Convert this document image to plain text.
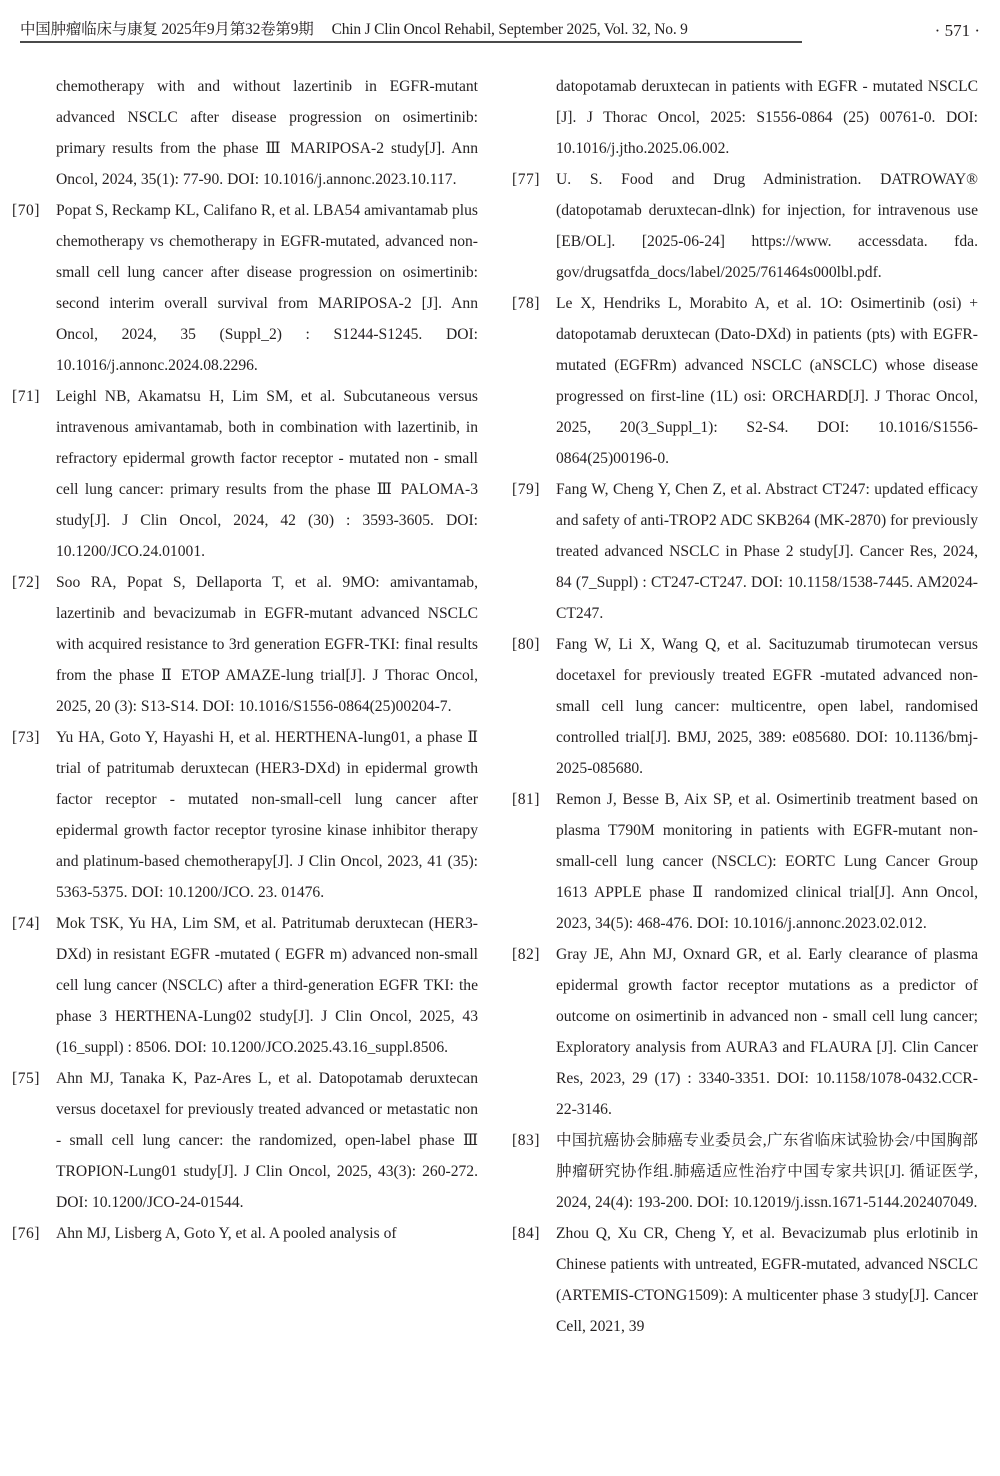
中国肿瘤临床与康复 2025年9月第32卷第9期 Chin J Clin Oncol Rehabil, September 2025, Vol. 32, No. 9	· 571 ·
chemotherapy with and without lazertinib in EGFR-mutant advanced NSCLC after disease progression on osimertinib: primary results from the phase Ⅲ MARIPOSA-2 study[J]. Ann Oncol, 2024, 35(1): 77-90. DOI: 10.1016/j.annonc.2023.10.117.
[70] Popat S, Reckamp KL, Califano R, et al. LBA54 amivantamab plus chemotherapy vs chemotherapy in EGFR-mutated, advanced non-small cell lung cancer after disease progression on osimertinib: second interim overall survival from MARIPOSA-2 [J]. Ann Oncol, 2024, 35 (Suppl_2) : S1244-S1245. DOI: 10.1016/j.annonc.2024.08.2296.
[71] Leighl NB, Akamatsu H, Lim SM, et al. Subcutaneous versus intravenous amivantamab, both in combination with lazertinib, in refractory epidermal growth factor receptor - mutated non - small cell lung cancer: primary results from the phase Ⅲ PALOMA-3 study[J]. J Clin Oncol, 2024, 42 (30) : 3593-3605. DOI: 10.1200/JCO.24.01001.
[72] Soo RA, Popat S, Dellaporta T, et al. 9MO: amivantamab, lazertinib and bevacizumab in EGFR-mutant advanced NSCLC with acquired resistance to 3rd generation EGFR-TKI: final results from the phase Ⅱ ETOP AMAZE-lung trial[J]. J Thorac Oncol, 2025, 20 (3): S13-S14. DOI: 10.1016/S1556-0864(25)00204-7.
[73] Yu HA, Goto Y, Hayashi H, et al. HERTHENA-lung01, a phase Ⅱ trial of patritumab deruxtecan (HER3-DXd) in epidermal growth factor receptor - mutated non-small-cell lung cancer after epidermal growth factor receptor tyrosine kinase inhibitor therapy and platinum-based chemotherapy[J]. J Clin Oncol, 2023, 41 (35): 5363-5375. DOI: 10.1200/JCO. 23. 01476.
[74] Mok TSK, Yu HA, Lim SM, et al. Patritumab deruxtecan (HER3-DXd) in resistant EGFR -mutated ( EGFR m) advanced non-small cell lung cancer (NSCLC) after a third-generation EGFR TKI: the phase 3 HERTHENA-Lung02 study[J]. J Clin Oncol, 2025, 43 (16_suppl) : 8506. DOI: 10.1200/JCO.2025.43.16_suppl.8506.
[75] Ahn MJ, Tanaka K, Paz-Ares L, et al. Datopotamab deruxtecan versus docetaxel for previously treated advanced or metastatic non - small cell lung cancer: the randomized, open-label phase Ⅲ TROPION-Lung01 study[J]. J Clin Oncol, 2025, 43(3): 260-272. DOI: 10.1200/JCO-24-01544.
[76] Ahn MJ, Lisberg A, Goto Y, et al. A pooled analysis of
datopotamab deruxtecan in patients with EGFR - mutated NSCLC [J]. J Thorac Oncol, 2025: S1556-0864 (25) 00761-0. DOI: 10.1016/j.jtho.2025.06.002.
[77] U. S. Food and Drug Administration. DATROWAY® (datopotamab deruxtecan-dlnk) for injection, for intravenous use [EB/OL]. [2025-06-24] https://www. accessdata. fda. gov/drugsatfda_docs/label/2025/761464s000lbl.pdf.
[78] Le X, Hendriks L, Morabito A, et al. 1O: Osimertinib (osi) + datopotamab deruxtecan (Dato-DXd) in patients (pts) with EGFR-mutated (EGFRm) advanced NSCLC (aNSCLC) whose disease progressed on first-line (1L) osi: ORCHARD[J]. J Thorac Oncol, 2025, 20(3_Suppl_1): S2-S4. DOI: 10.1016/S1556-0864(25)00196-0.
[79] Fang W, Cheng Y, Chen Z, et al. Abstract CT247: updated efficacy and safety of anti-TROP2 ADC SKB264 (MK-2870) for previously treated advanced NSCLC in Phase 2 study[J]. Cancer Res, 2024, 84 (7_Suppl) : CT247-CT247. DOI: 10.1158/1538-7445. AM2024-CT247.
[80] Fang W, Li X, Wang Q, et al. Sacituzumab tirumotecan versus docetaxel for previously treated EGFR -mutated advanced non-small cell lung cancer: multicentre, open label, randomised controlled trial[J]. BMJ, 2025, 389: e085680. DOI: 10.1136/bmj-2025-085680.
[81] Remon J, Besse B, Aix SP, et al. Osimertinib treatment based on plasma T790M monitoring in patients with EGFR-mutant non-small-cell lung cancer (NSCLC): EORTC Lung Cancer Group 1613 APPLE phase Ⅱ randomized clinical trial[J]. Ann Oncol, 2023, 34(5): 468-476. DOI: 10.1016/j.annonc.2023.02.012.
[82] Gray JE, Ahn MJ, Oxnard GR, et al. Early clearance of plasma epidermal growth factor receptor mutations as a predictor of outcome on osimertinib in advanced non - small cell lung cancer; Exploratory analysis from AURA3 and FLAURA [J]. Clin Cancer Res, 2023, 29 (17) : 3340-3351. DOI: 10.1158/1078-0432.CCR-22-3146.
[83] 中国抗癌协会肺癌专业委员会,广东省临床试验协会/中国胸部肿瘤研究协作组.肺癌适应性治疗中国专家共识[J]. 循证医学, 2024, 24(4): 193-200. DOI: 10.12019/j.issn.1671-5144.202407049.
[84] Zhou Q, Xu CR, Cheng Y, et al. Bevacizumab plus erlotinib in Chinese patients with untreated, EGFR-mutated, advanced NSCLC (ARTEMIS-CTONG1509): A multicenter phase 3 study[J]. Cancer Cell, 2021, 39
